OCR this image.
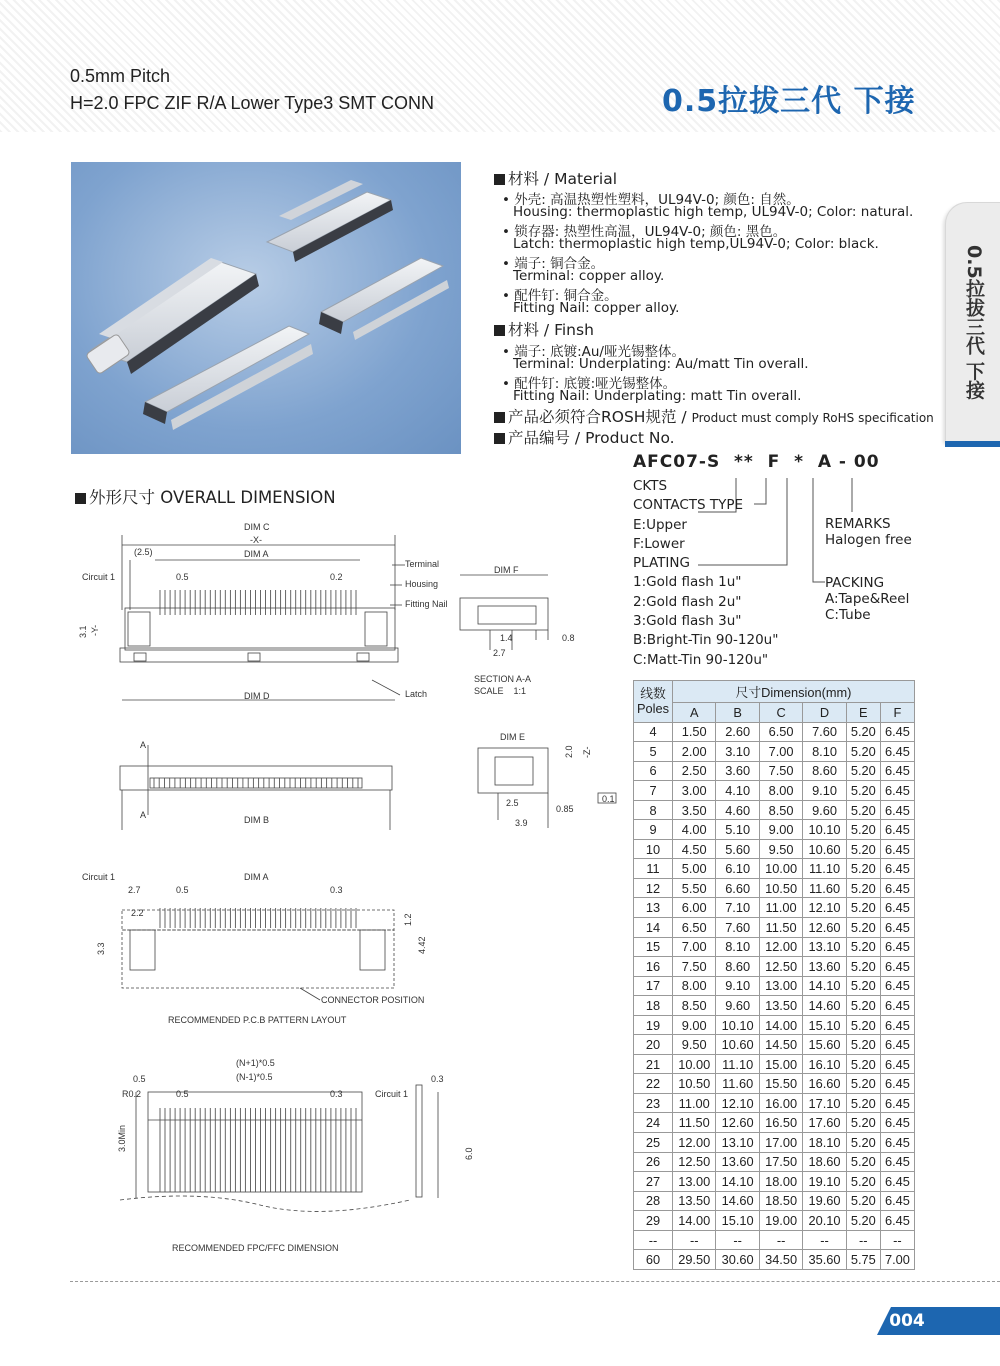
0.5mm Pitch
H=2.0 FPC ZIF R/A Lower Type3 SMT CONN	0.5拉拔三代 下接
0.5拉拔三代 下接
材料 / Material
• 外壳: 高温热塑性塑料，UL94V-0; 颜色: 自然。
Housing: thermoplastic high temp, UL94V-0; Color: natural.
• 锁存器: 热塑性高温，UL94V-0; 颜色: 黑色。
Latch: thermoplastic high temp,UL94V-0; Color: black.
• 端子: 铜合金。
Terminal: copper alloy.
• 配件钉: 铜合金。
Fitting Nail: copper alloy.
材料 / Finsh
• 端子: 底镀:Au/哑光锡整体。
Terminal: Underplating: Au/matt Tin overall.
• 配件钉: 底镀:哑光锡整体。
Fitting Nail: Underplating: matt Tin overall.
产品必须符合ROSH规范 / Product must comply RoHS specification
产品编号 / Product No.
AFC07-S  **  F  *  A - 00
CKTS
CONTACTS TYPE
E:Upper
F:Lower
PLATING
1:Gold flash 1u"
2:Gold flash 2u"
3:Gold flash 3u"
B:Bright-Tin 90-120u"
C:Matt-Tin 90-120u"
REMARKS
Halogen free
PACKING
A:Tape&Reel
C:Tube
外形尺寸 OVERALL DIMENSION
DIM C
-X-
DIM A
(2.5)
Circuit 1	0.5	0.2
Terminal
Housing
Fitting Nail
3.1 -Y-
DIM D	Latch
DIM F
1.4	0.8
2.7
SECTION A-A
SCALE    1:1
A
A	DIM B
DIM E
2.0 -Z-
0.1
2.5
0.85
3.9
Circuit 1	DIM A
2.7	0.5	0.3
2.2
3.3
1.2
4.42
CONNECTOR POSITION
RECOMMENDED P.C.B PATTERN LAYOUT
(N+1)*0.5
(N-1)*0.5
0.5	0.3
R0.2	0.5	0.3	Circuit 1
3.0Min
6.0
RECOMMENDED FPC/FFC DIMENSION
线数
Poles	尺寸Dimension(mm)					
	A	B	C	D	E	F
4	1.50	2.60	6.50	7.60	5.20	6.45
5	2.00	3.10	7.00	8.10	5.20	6.45
6	2.50	3.60	7.50	8.60	5.20	6.45
7	3.00	4.10	8.00	9.10	5.20	6.45
8	3.50	4.60	8.50	9.60	5.20	6.45
9	4.00	5.10	9.00	10.10	5.20	6.45
10	4.50	5.60	9.50	10.60	5.20	6.45
11	5.00	6.10	10.00	11.10	5.20	6.45
12	5.50	6.60	10.50	11.60	5.20	6.45
13	6.00	7.10	11.00	12.10	5.20	6.45
14	6.50	7.60	11.50	12.60	5.20	6.45
15	7.00	8.10	12.00	13.10	5.20	6.45
16	7.50	8.60	12.50	13.60	5.20	6.45
17	8.00	9.10	13.00	14.10	5.20	6.45
18	8.50	9.60	13.50	14.60	5.20	6.45
19	9.00	10.10	14.00	15.10	5.20	6.45
20	9.50	10.60	14.50	15.60	5.20	6.45
21	10.00	11.10	15.00	16.10	5.20	6.45
22	10.50	11.60	15.50	16.60	5.20	6.45
23	11.00	12.10	16.00	17.10	5.20	6.45
24	11.50	12.60	16.50	17.60	5.20	6.45
25	12.00	13.10	17.00	18.10	5.20	6.45
26	12.50	13.60	17.50	18.60	5.20	6.45
27	13.00	14.10	18.00	19.10	5.20	6.45
28	13.50	14.60	18.50	19.60	5.20	6.45
29	14.00	15.10	19.00	20.10	5.20	6.45
--	--	--	--	--	--	--
60	29.50	30.60	34.50	35.60	5.75	7.00
004
